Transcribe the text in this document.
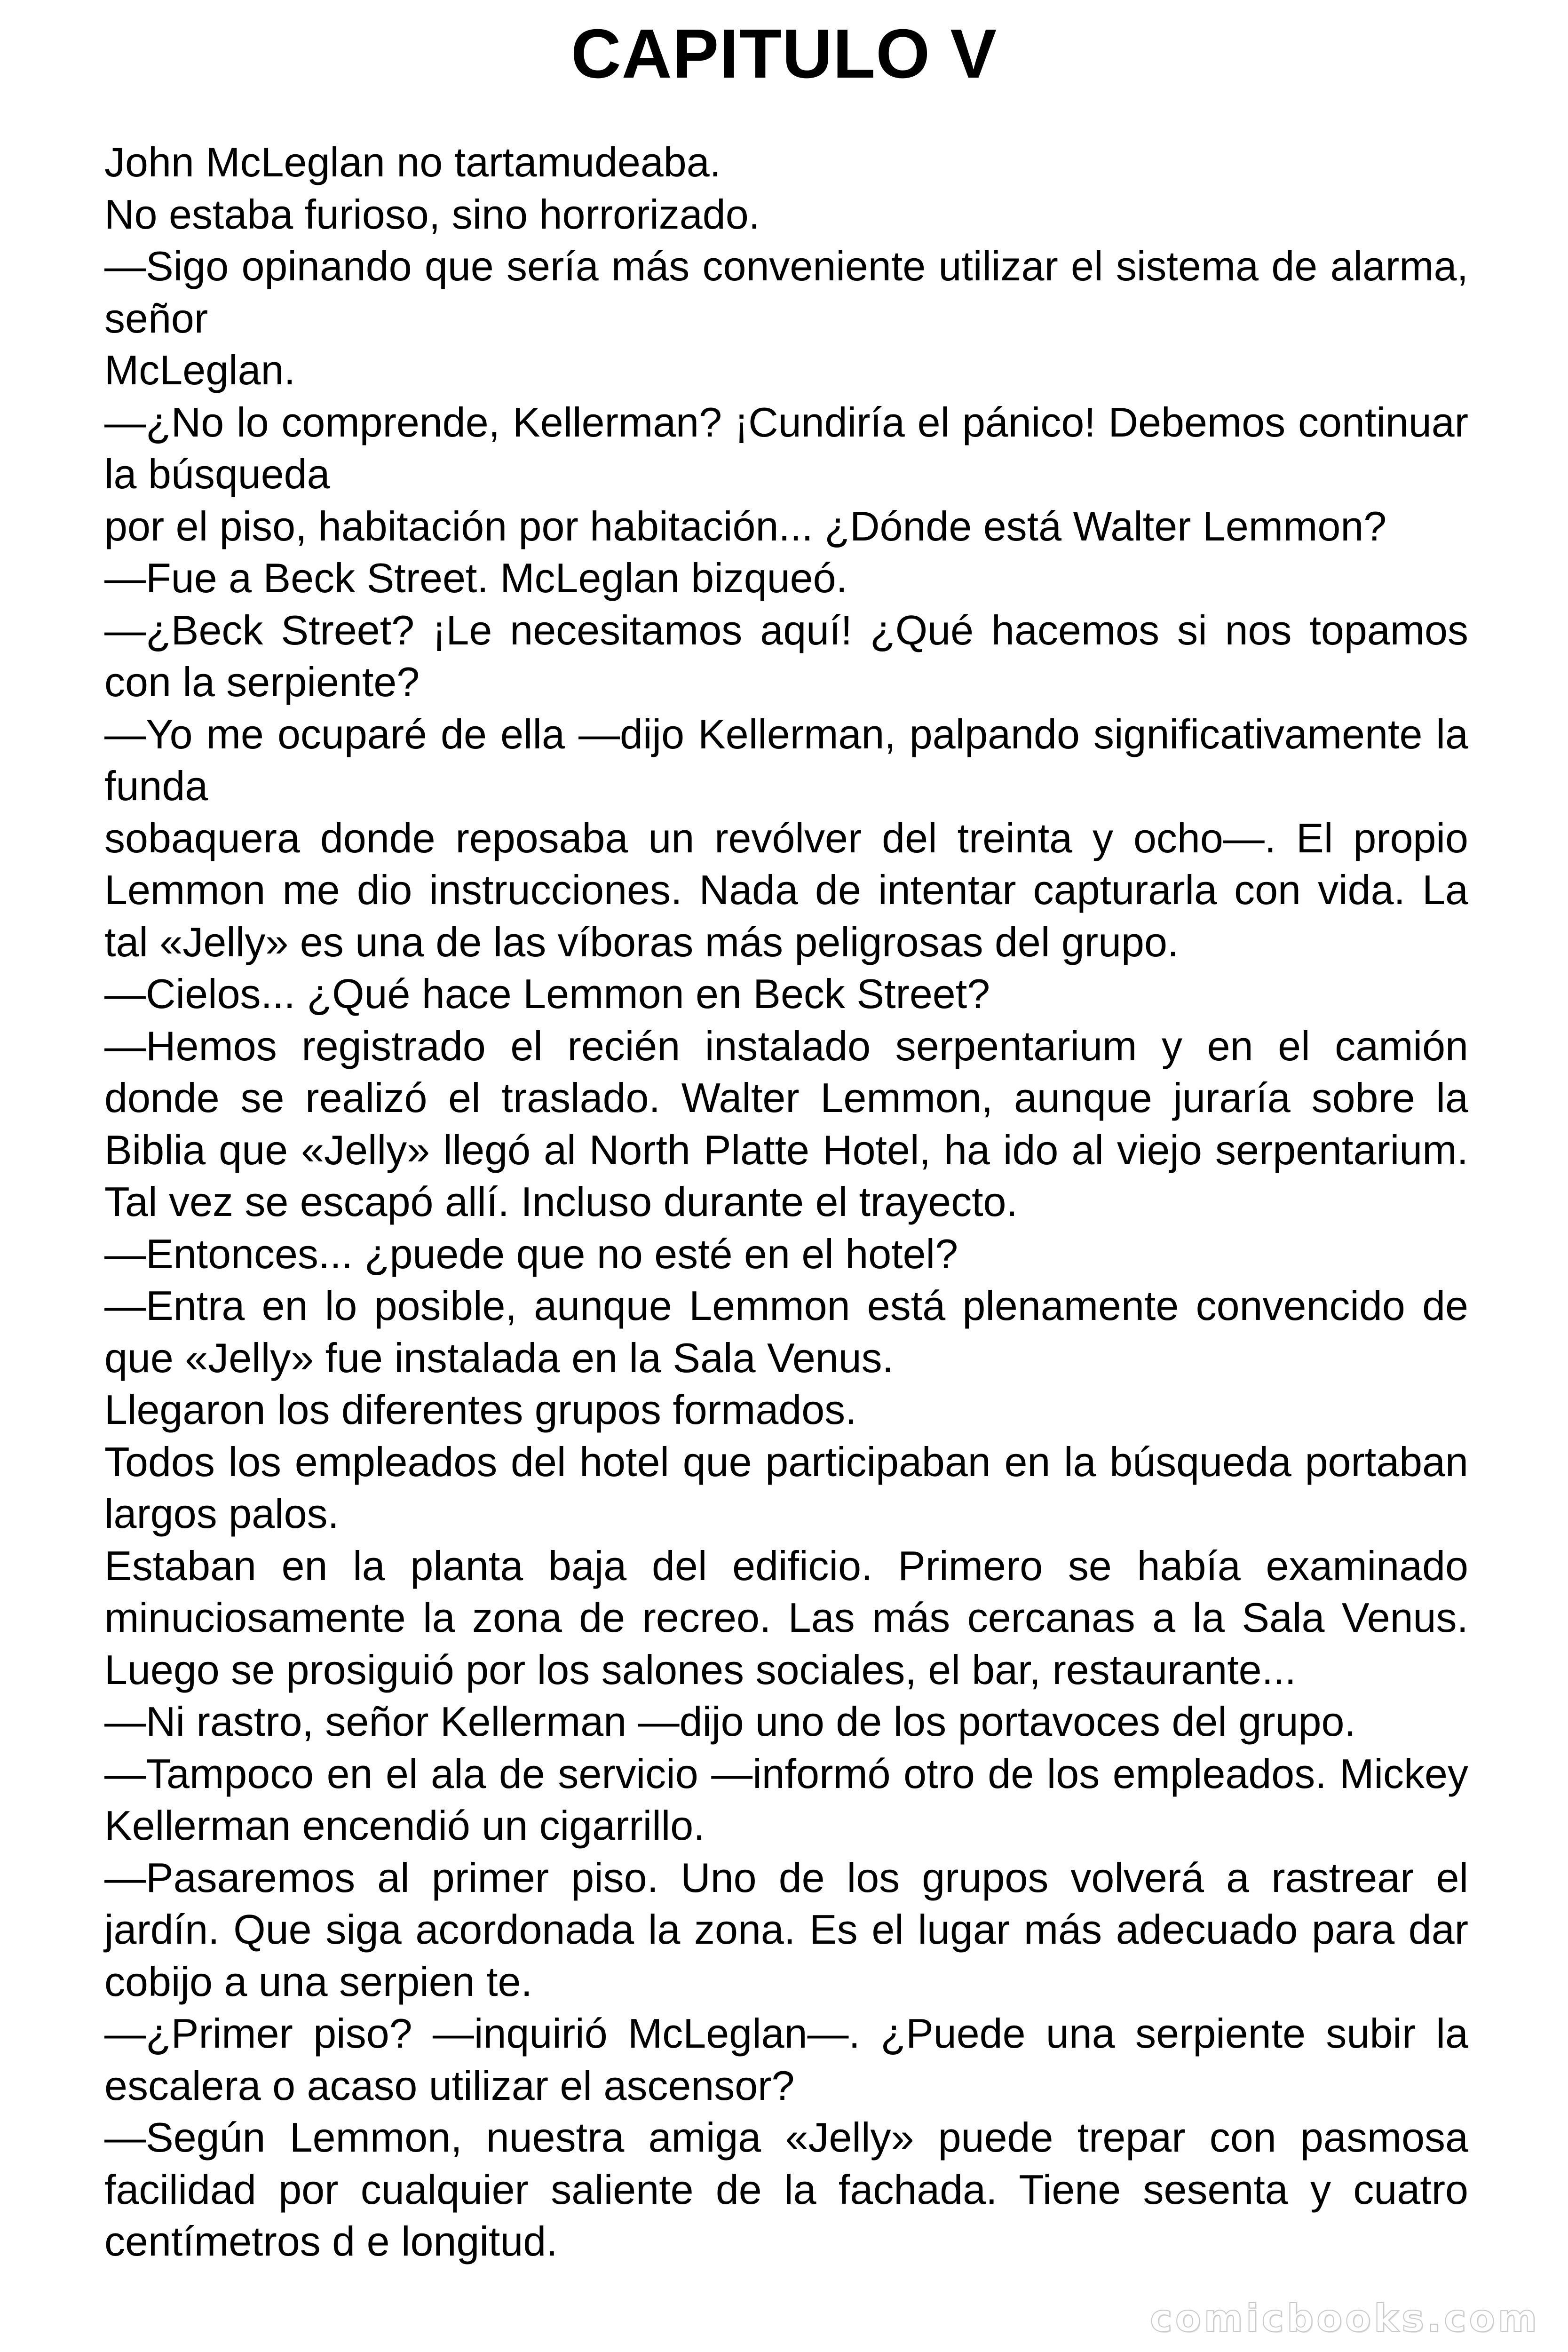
CAPITULO V

John McLeglan no tartamudeaba.

No estaba furioso, sino horrorizado.

—Sigo opinando que sería más conveniente utilizar el sistema de alarma, señor

McLeglan.

—¿No lo comprende, Kellerman? ¡Cundiría el pánico! Debemos continuar la búsqueda

por el piso, habitación por habitación... ¿Dónde está Walter Lemmon?

—Fue a Beck Street. McLeglan bizqueó.

—¿Beck Street? ¡Le necesitamos aquí! ¿Qué hacemos si nos topamos con la serpiente?

—Yo me ocuparé de ella —dijo Kellerman, palpando significativamente la funda

sobaquera donde reposaba un revólver del treinta y ocho—. El propio Lemmon me dio instrucciones. Nada de intentar capturarla con vida. La tal «Jelly» es una de las víboras más peligrosas del grupo.

—Cielos... ¿Qué hace Lemmon en Beck Street?

—Hemos registrado el recién instalado serpentarium y en el camión donde se realizó el traslado. Walter Lemmon, aunque juraría sobre la Biblia que «Jelly» llegó al North Platte Hotel, ha ido al viejo serpentarium. Tal vez se escapó allí. Incluso durante el trayecto.

—Entonces... ¿puede que no esté en el hotel?

—Entra en lo posible, aunque Lemmon está plenamente convencido de que «Jelly» fue instalada en la Sala Venus.

Llegaron los diferentes grupos formados.

Todos los empleados del hotel que participaban en la búsqueda portaban largos palos.

Estaban en la planta baja del edificio. Primero se había examinado minuciosamente la zona de recreo. Las más cercanas a la Sala Venus. Luego se prosiguió por los salones sociales, el bar, restaurante...

—Ni rastro, señor Kellerman —dijo uno de los portavoces del grupo.

—Tampoco en el ala de servicio —informó otro de los empleados. Mickey Kellerman encendió un cigarrillo.

—Pasaremos al primer piso. Uno de los grupos volverá a rastrear el jardín. Que siga acordonada la zona. Es el lugar más adecuado para dar cobijo a una serpien te.

—¿Primer piso? —inquirió McLeglan—. ¿Puede una serpiente subir la escalera o acaso utilizar el ascensor?

—Según Lemmon, nuestra amiga «Jelly» puede trepar con pasmosa facilidad por cualquier saliente de la fachada. Tiene sesenta y cuatro centímetros d e longitud.

comicbooks.com
